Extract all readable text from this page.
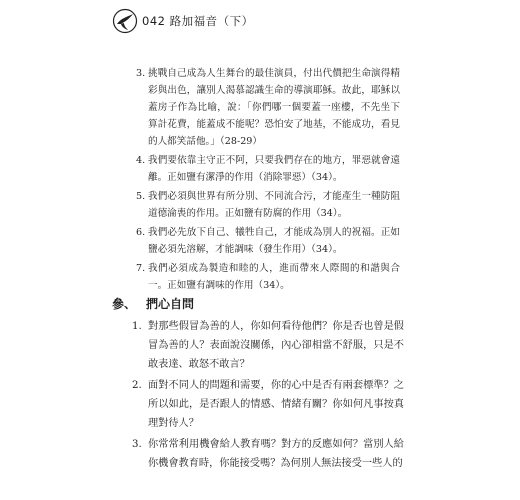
042 路加福音（下）
3. 挑戰自己成為人生舞台的最佳演員，付出代價把生命演得精彩與出色，讓別人渴慕認識生命的導演耶穌。故此，耶穌以蓋房子作為比喻，說：「你們哪一個要蓋一座樓，不先坐下算計花費，能蓋成不能呢？恐怕安了地基，不能成功，看見的人都笑話他。」（28-29）
4. 我們要依靠主守正不阿，只要我們存在的地方，罪惡就會遠離。正如鹽有潔淨的作用（消除罪惡）（34）。
5. 我們必須與世界有所分別、不同流合污，才能產生一種防阻道德淪喪的作用。正如鹽有防腐的作用（34）。
6. 我們必先放下自己、犧牲自己，才能成為別人的祝福。正如鹽必須先溶解，才能調味（發生作用）（34）。
7. 我們必須成為製造和睦的人，進而帶來人際間的和諧與合一。正如鹽有調味的作用（34）。
參、 捫心自問
1. 對那些假冒為善的人，你如何看待他們？你是否也曾是假冒為善的人？表面說沒關係，內心卻相當不舒服，只是不敢表達、敢怒不敢言？
2. 面對不同人的問題和需要，你的心中是否有兩套標準？之所以如此，是否跟人的情感、情緒有關？你如何凡事按真理對待人？
3. 你常常利用機會給人教育嗎？對方的反應如何？當別人給你機會教育時，你能接受嗎？為何別人無法接受一些人的
